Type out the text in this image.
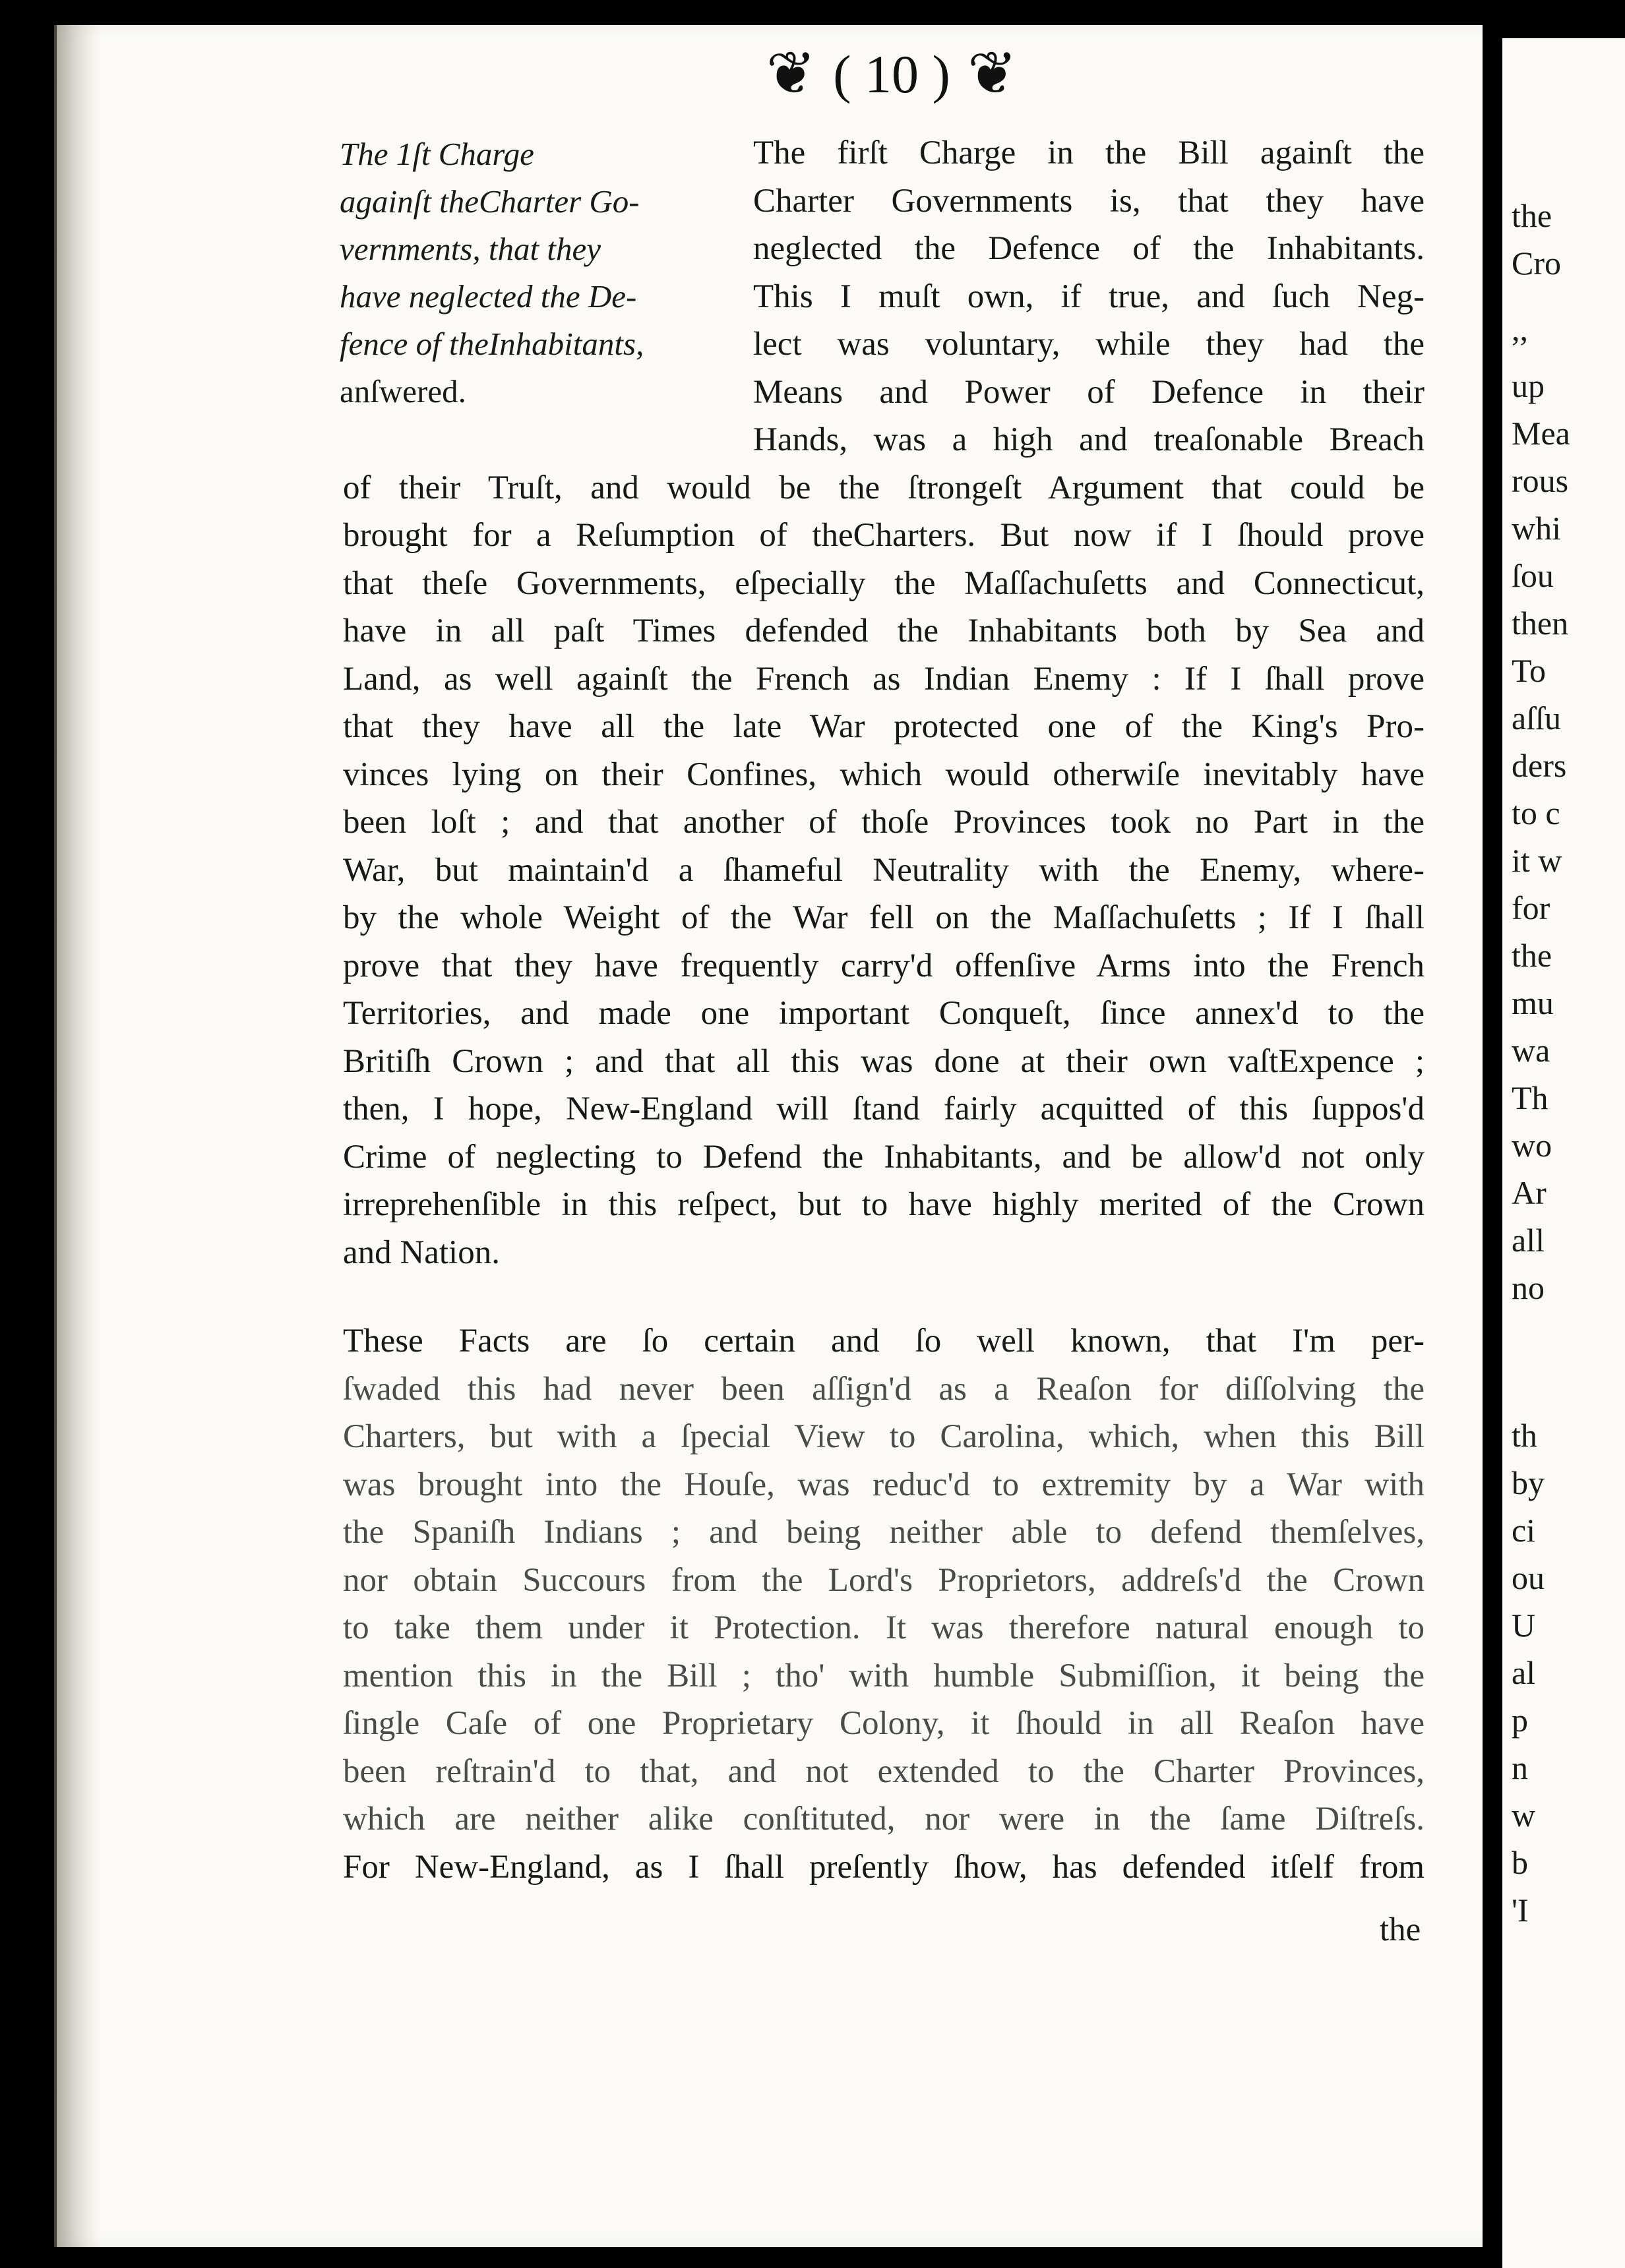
❦ ( 10 ) ❦
The 1ſt Charge
againſt theCharter Go-
vernments, that they
have neglected the De-
fence of theInhabitants,
anſwered.
The firſt Charge in the Bill againſt the
Charter Governments is, that they have
neglected the Defence of the Inhabitants.
This I muſt own, if true, and ſuch Neg-
lect was voluntary, while they had the
Means and Power of Defence in their
Hands, was a high and treaſonable Breach
of their Truſt, and would be the ſtrongeſt Argument that could be
brought for a Reſumption of theCharters. But now if I ſhould prove
that theſe Governments, eſpecially the Maſſachuſetts and Connecticut,
have in all paſt Times defended the Inhabitants both by Sea and
Land, as well againſt the French as Indian Enemy : If I ſhall prove
that they have all the late War protected one of the King's Pro-
vinces lying on their Confines, which would otherwiſe inevitably have
been loſt ; and that another of thoſe Provinces took no Part in the
War, but maintain'd a ſhameful Neutrality with the Enemy, where-
by the whole Weight of the War fell on the Maſſachuſetts ; If I ſhall
prove that they have frequently carry'd offenſive Arms into the French
Territories, and made one important Conqueſt, ſince annex'd to the
Britiſh Crown ; and that all this was done at their own vaſtExpence ;
then, I hope, New-England will ſtand fairly acquitted of this ſuppos'd
Crime of neglecting to Defend the Inhabitants, and be allow'd not only
irreprehenſible in this reſpect, but to have highly merited of the Crown
and Nation.
These Facts are ſo certain and ſo well known, that I'm per-
ſwaded this had never been aſſign'd as a Reaſon for diſſolving the
Charters, but with a ſpecial View to Carolina, which, when this Bill
was brought into the Houſe, was reduc'd to extremity by a War with
the Spaniſh Indians ; and being neither able to defend themſelves,
nor obtain Succours from the Lord's Proprietors, addreſs'd the Crown
to take them under it Protection. It was therefore natural enough to
mention this in the Bill ; tho' with humble Submiſſion, it being the
ſingle Caſe of one Proprietary Colony, it ſhould in all Reaſon have
been reſtrain'd to that, and not extended to the Charter Provinces,
which are neither alike conſtituted, nor were in the ſame Diſtreſs.
For New-England, as I ſhall preſently ſhow, has defended itſelf from
the
the
Cro
,,
up
Mea
rous
whi
ſou
then
To
aſſu
ders
to c
it w
for
the
mu
wa
Th
wo
Ar
all
no
th
by
ci
ou
U
al
p
n
w
b
'I
